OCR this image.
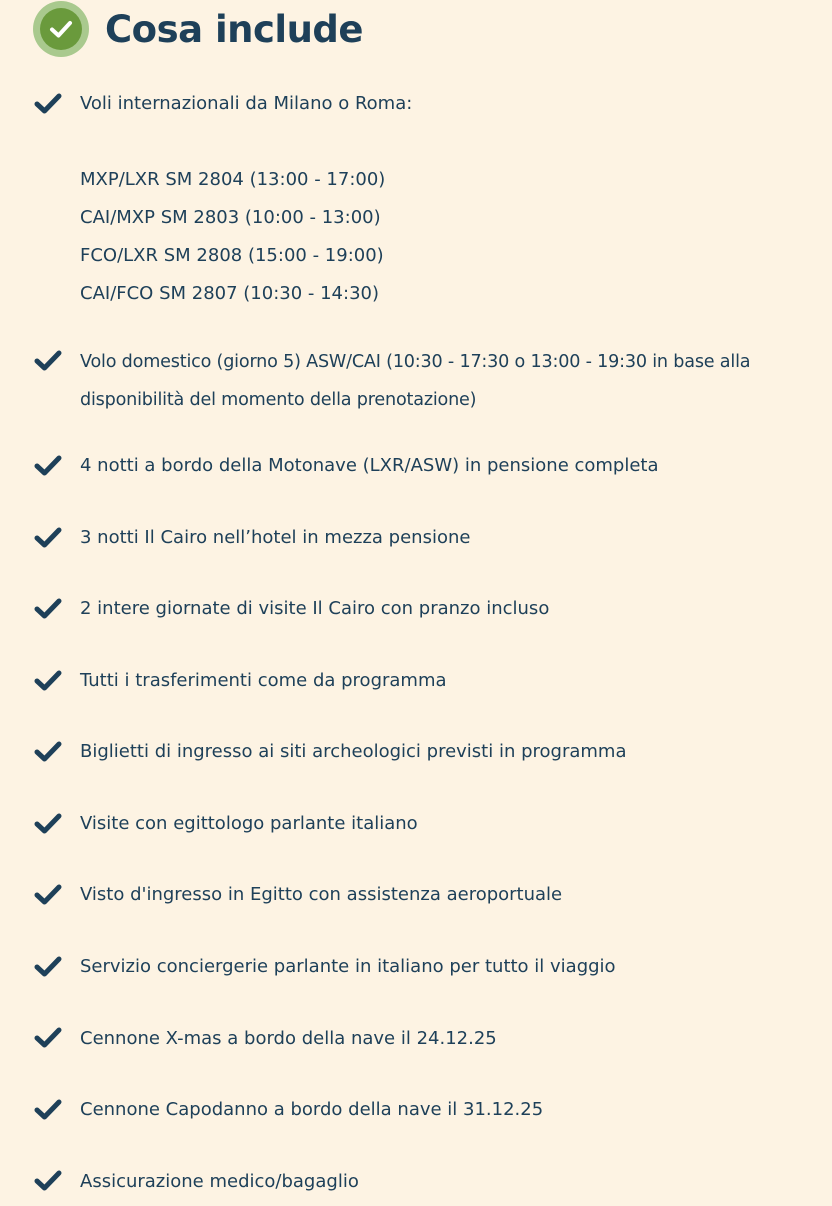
Cosa include
Voli internazionali da Milano o Roma:
MXP/LXR SM 2804 (13:00 - 17:00)
CAI/MXP SM 2803 (10:00 - 13:00)
FCO/LXR SM 2808 (15:00 - 19:00)
CAI/FCO SM 2807 (10:30 - 14:30)
Volo domestico (giorno 5) ASW/CAI (10:30 - 17:30 o 13:00 - 19:30 in base alla
disponibilità del momento della prenotazione)
4 notti a bordo della Motonave (LXR/ASW) in pensione completa
3 notti Il Cairo nell’hotel in mezza pensione
2 intere giornate di visite Il Cairo con pranzo incluso
Tutti i trasferimenti come da programma
Biglietti di ingresso ai siti archeologici previsti in programma
Visite con egittologo parlante italiano
Visto d'ingresso in Egitto con assistenza aeroportuale
Servizio conciergerie parlante in italiano per tutto il viaggio
Cennone X-mas a bordo della nave il 24.12.25
Cennone Capodanno a bordo della nave il 31.12.25
Assicurazione medico/bagaglio
